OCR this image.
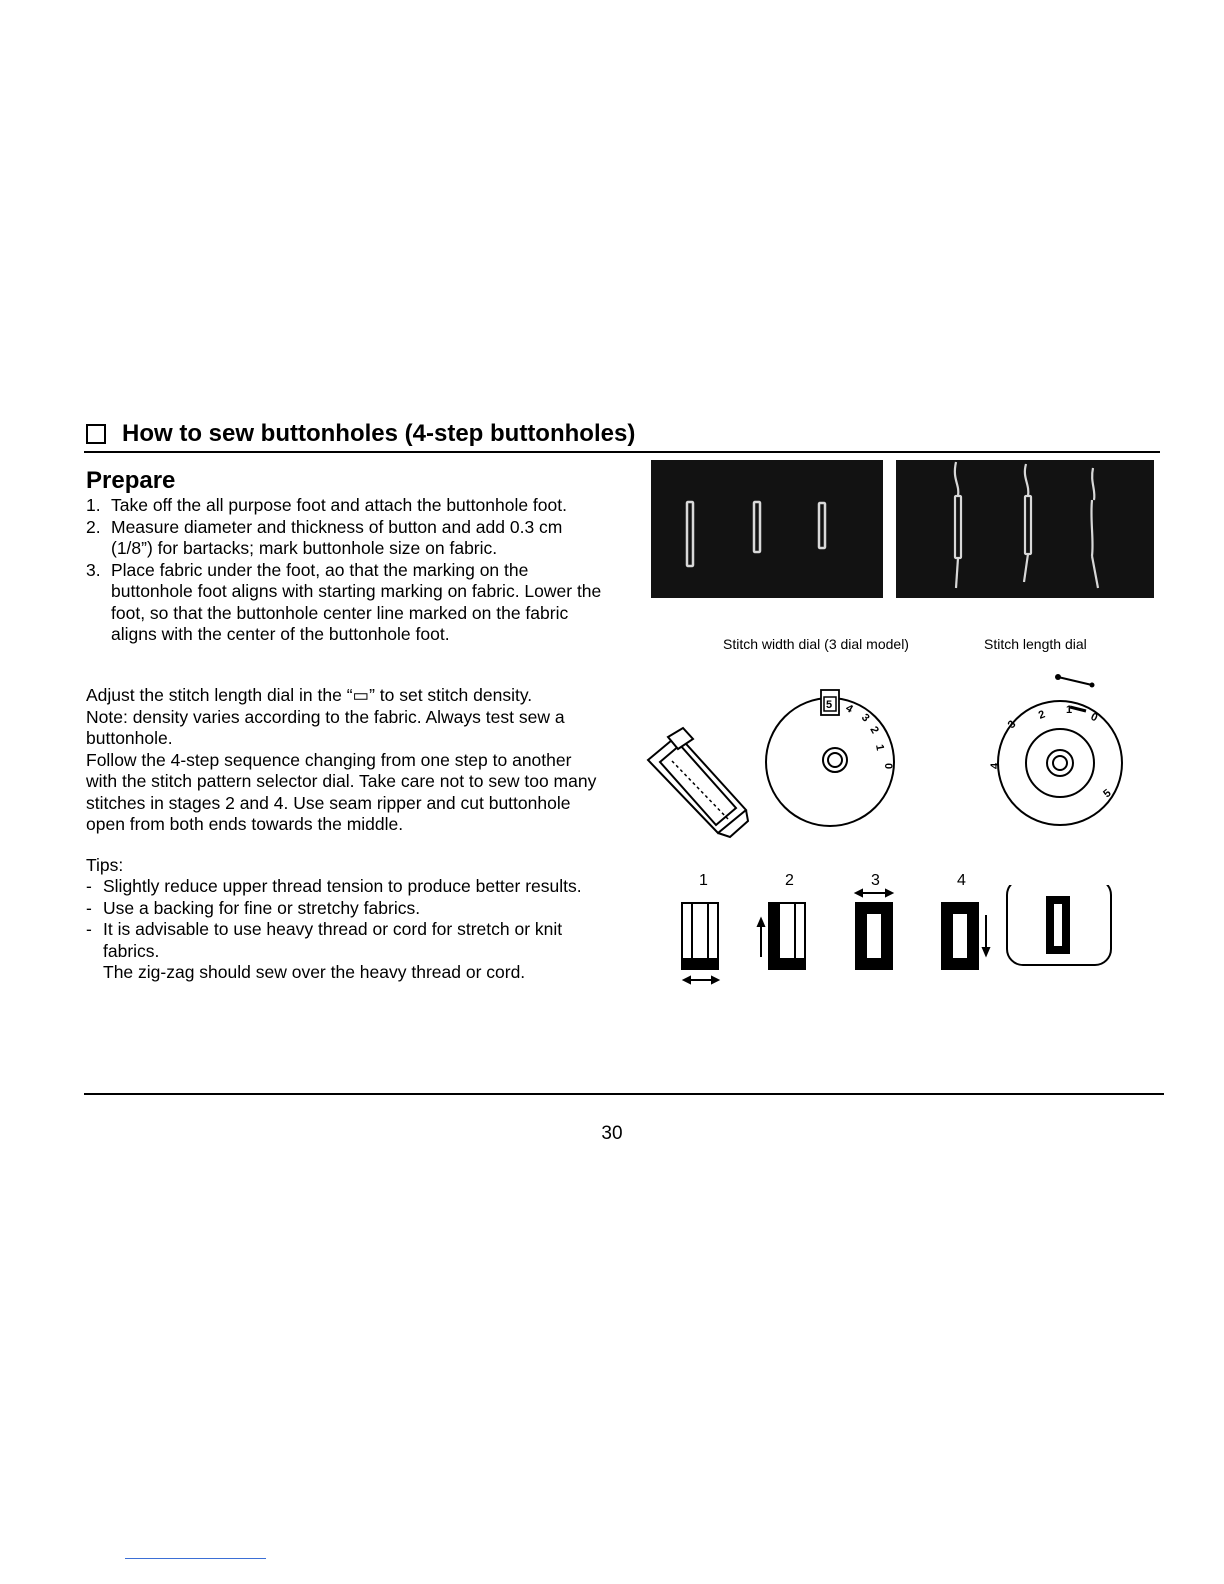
How to sew buttonholes (4-step buttonholes)
Prepare
1. Take off the all purpose foot and attach the buttonhole foot.
2. Measure diameter and thickness of button and add 0.3 cm (1/8”) for bartacks; mark buttonhole size on fabric.
3. Place fabric under the foot, ao that the marking on the buttonhole foot aligns with starting marking on fabric. Lower the foot, so that the buttonhole center line marked on the fabric aligns with the center of the buttonhole foot.

Adjust the stitch length dial in the “▭” to set stitch density.
Note: density varies according to the fabric. Always test sew a buttonhole.
Follow the 4-step sequence changing from one step to another with the stitch pattern selector dial. Take care not to sew too many stitches in stages 2 and 4. Use seam ripper and cut buttonhole open from both ends towards the middle.

Tips:
- Slightly reduce upper thread tension to produce better results.
- Use a backing for fine or stretchy fabrics.
- It is advisable to use heavy thread or cord for stretch or knit fabrics.
The zig-zag should sew over the heavy thread or cord.
Stitch width dial (3 dial model)	Stitch length dial
5 4
3
2
1
0
2 1
0
3
4
5
1	2	3	4
30
